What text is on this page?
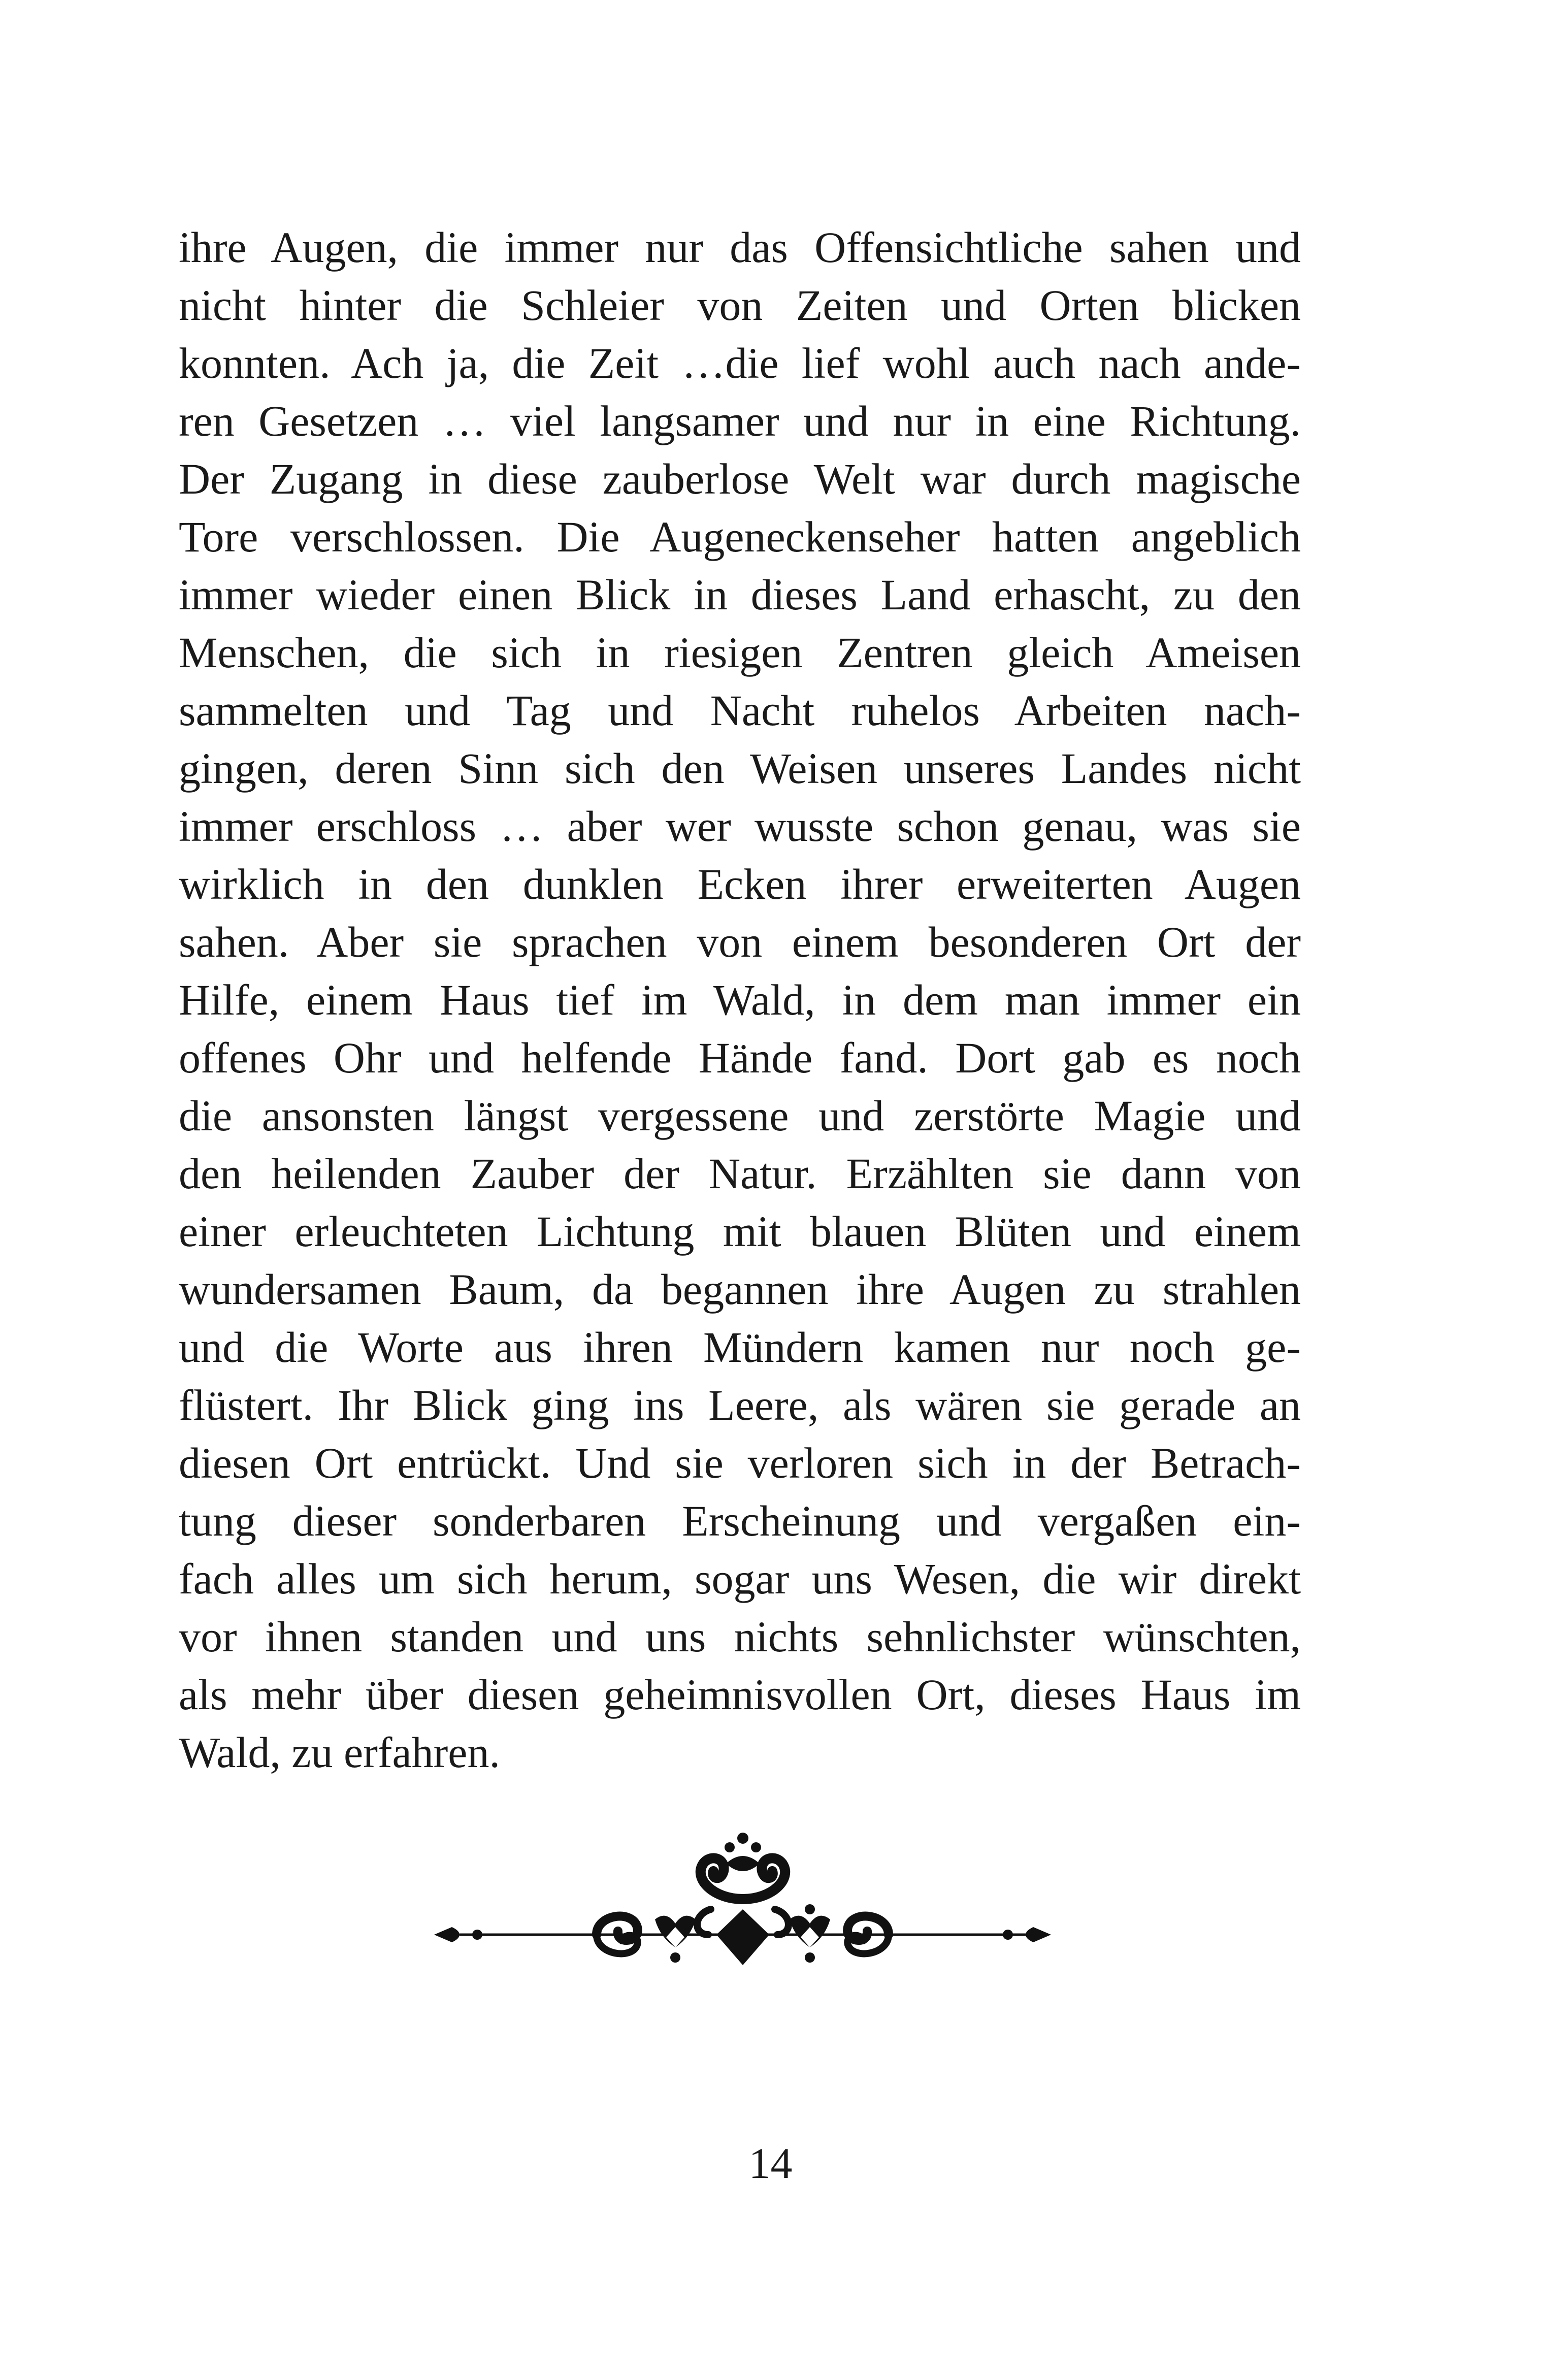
ihre Augen, die immer nur das Offensichtliche sahen und
nicht hinter die Schleier von Zeiten und Orten blicken
konnten. Ach ja, die Zeit …die lief wohl auch nach ande-
ren Gesetzen … viel langsamer und nur in eine Richtung.
Der Zugang in diese zauberlose Welt war durch magische
Tore verschlossen. Die Augeneckenseher hatten angeblich
immer wieder einen Blick in dieses Land erhascht, zu den
Menschen, die sich in riesigen Zentren gleich Ameisen
sammelten und Tag und Nacht ruhelos Arbeiten nach-
gingen, deren Sinn sich den Weisen unseres Landes nicht
immer erschloss … aber wer wusste schon genau, was sie
wirklich in den dunklen Ecken ihrer erweiterten Augen
sahen. Aber sie sprachen von einem besonderen Ort der
Hilfe, einem Haus tief im Wald, in dem man immer ein
offenes Ohr und helfende Hände fand. Dort gab es noch
die ansonsten längst vergessene und zerstörte Magie und
den heilenden Zauber der Natur. Erzählten sie dann von
einer erleuchteten Lichtung mit blauen Blüten und einem
wundersamen Baum, da begannen ihre Augen zu strahlen
und die Worte aus ihren Mündern kamen nur noch ge-
flüstert. Ihr Blick ging ins Leere, als wären sie gerade an
diesen Ort entrückt. Und sie verloren sich in der Betrach-
tung dieser sonderbaren Erscheinung und vergaßen ein-
fach alles um sich herum, sogar uns Wesen, die wir direkt
vor ihnen standen und uns nichts sehnlichster wünschten,
als mehr über diesen geheimnisvollen Ort, dieses Haus im
Wald, zu erfahren.
14
